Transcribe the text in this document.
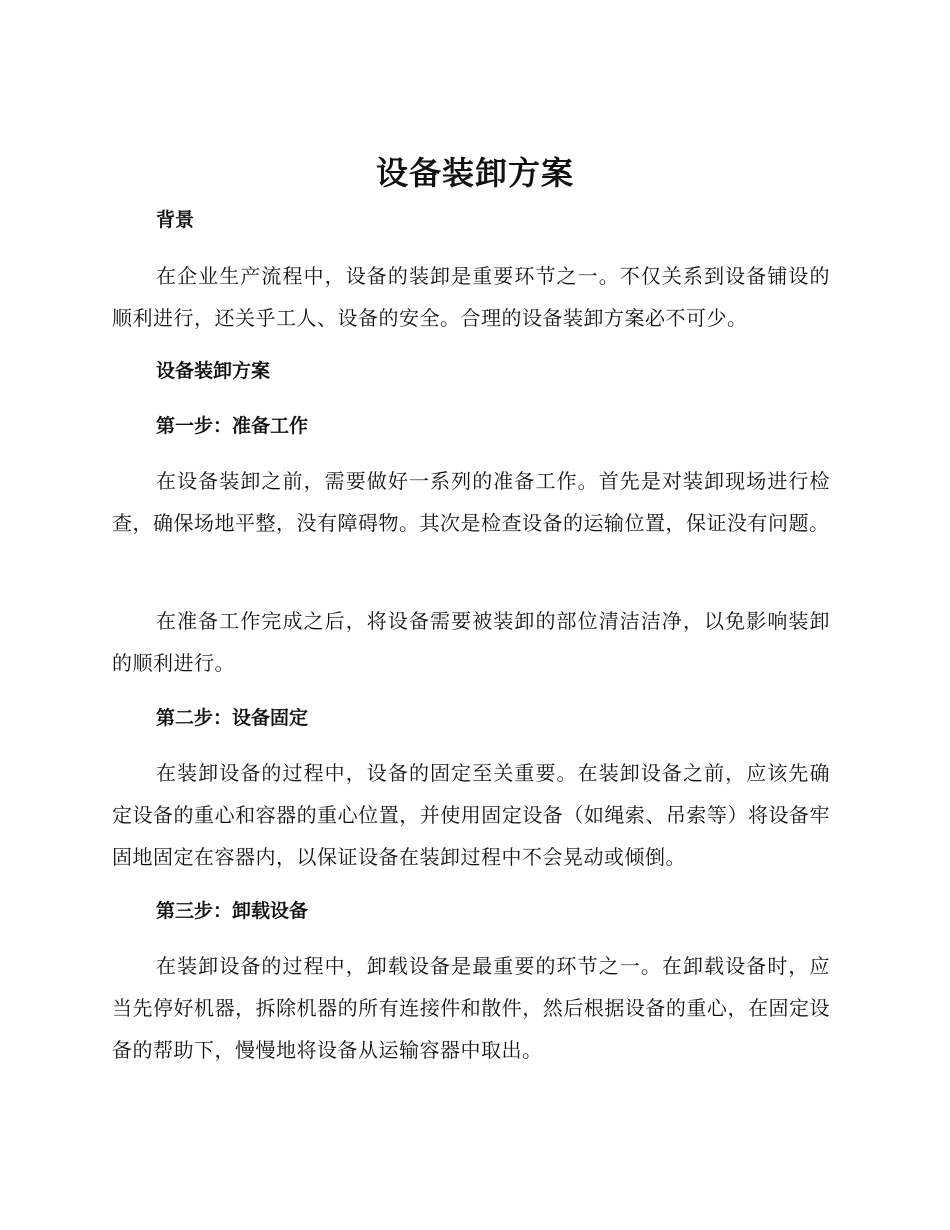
设备装卸方案
背景

在企业生产流程中，设备的装卸是重要环节之一。不仅关系到设备铺设的顺利进行，还关乎工人、设备的安全。合理的设备装卸方案必不可少。

设备装卸方案
第一步：准备工作

在设备装卸之前，需要做好一系列的准备工作。首先是对装卸现场进行检查，确保场地平整，没有障碍物。其次是检查设备的运输位置，保证没有问题。

在准备工作完成之后，将设备需要被装卸的部位清洁洁净，以免影响装卸的顺利进行。

第二步：设备固定

在装卸设备的过程中，设备的固定至关重要。在装卸设备之前，应该先确定设备的重心和容器的重心位置，并使用固定设备（如绳索、吊索等）将设备牢固地固定在容器内，以保证设备在装卸过程中不会晃动或倾倒。

第三步：卸载设备

在装卸设备的过程中，卸载设备是最重要的环节之一。在卸载设备时，应当先停好机器，拆除机器的所有连接件和散件，然后根据设备的重心，在固定设备的帮助下，慢慢地将设备从运输容器中取出。
